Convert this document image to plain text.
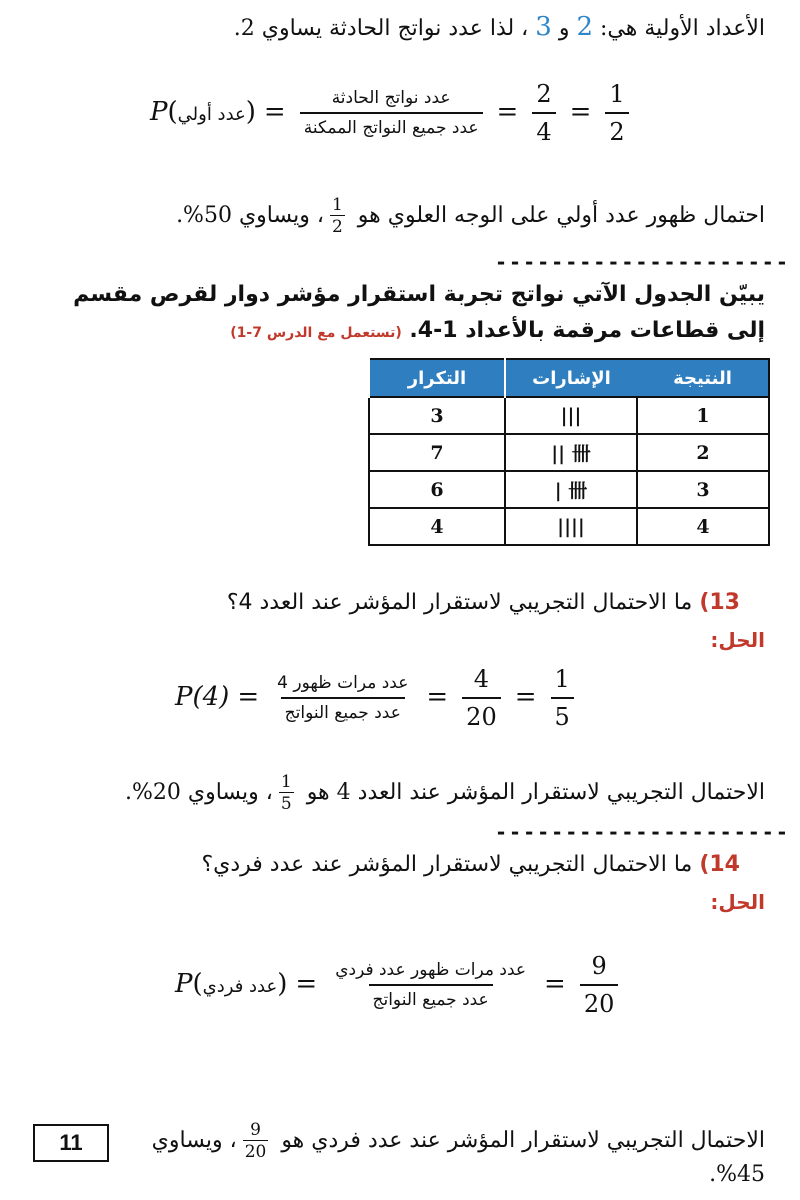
الأعداد الأولية هي: 2 و 3 ، لذا عدد نواتج الحادثة يساوي 2.
P(عدد أولي) = $\frac{\text{عدد نواتج الحادثة}}{\text{عدد جميع النواتج الممكنة}} = \frac{2}{4} = \frac{1}{2}$
احتمال ظهور عدد أولي على الوجه العلوي هو
$\frac{1}{2}$
، ويساوي 50%.
---------------------
يبيّن الجدول الآتي نواتج تجربة استقرار مؤشر دوار لقرص مقسم
إلى قطاعات مرقمة بالأعداد 1-4. (تستعمل مع الدرس 7-1)
النتيجة	الإشارات	التكرار
1	|||	3
2	卌 ||	7
3	卌 |	6
4	||||	4
13) ما الاحتمال التجريبي لاستقرار المؤشر عند العدد 4؟
الحل:
$P(4) = \frac{\text{عدد مرات ظهور 4}}{\text{عدد جميع النواتج}} = \frac{4}{20} = \frac{1}{5}$
الاحتمال التجريبي لاستقرار المؤشر عند العدد 4 هو
$\frac{1}{5}$
، ويساوي 20%.
---------------------
14) ما الاحتمال التجريبي لاستقرار المؤشر عند عدد فردي؟
الحل:
P(عدد فردي) = $\frac{\text{عدد مرات ظهور عدد فردي}}{\text{عدد جميع النواتج}} = \frac{9}{20}$
الاحتمال التجريبي لاستقرار المؤشر عند عدد فردي هو
$\frac{9}{20}$
، ويساوي 45%.
11
